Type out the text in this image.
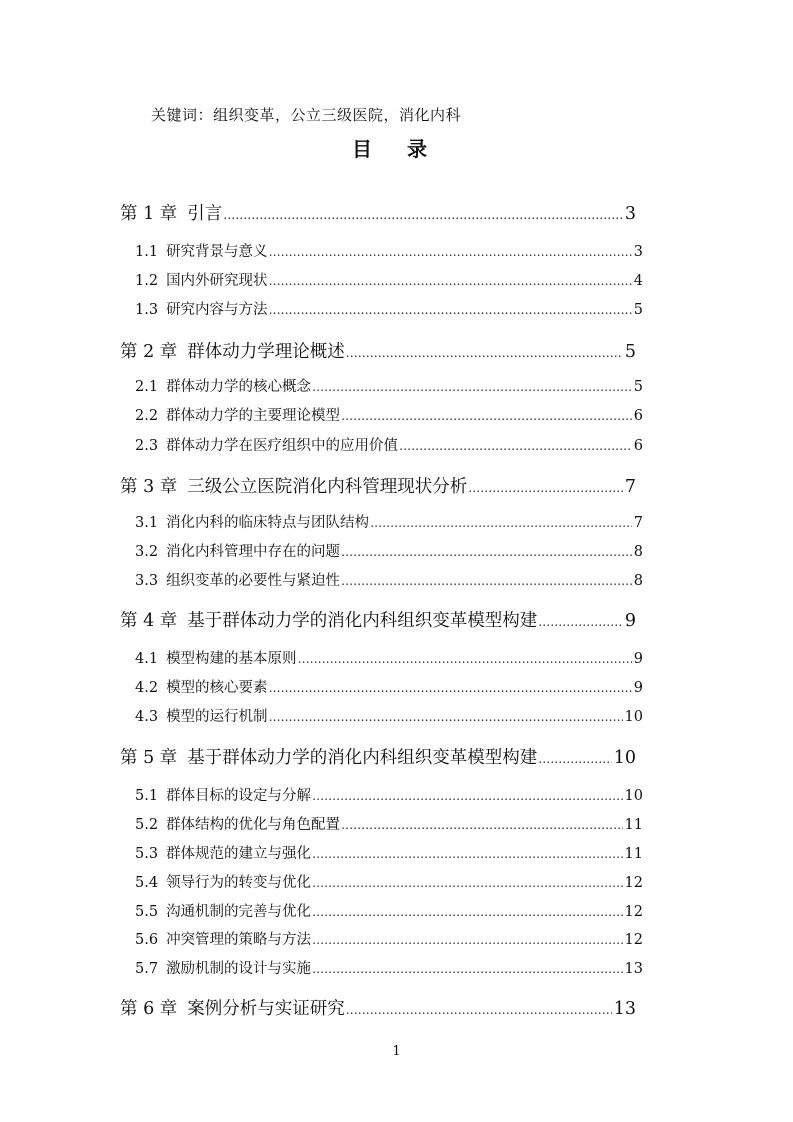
关键词：组织变革，公立三级医院，消化内科
目 录
第 1 章 引言 ……………………………………………………………………………………………………………………………………………………	3
1.1 研究背景与意义 ……………………………………………………………………………………………………………………………………………………	3
1.2 国内外研究现状 ……………………………………………………………………………………………………………………………………………………	4
1.3 研究内容与方法 ……………………………………………………………………………………………………………………………………………………	5
第 2 章 群体动力学理论概述 ……………………………………………………………………………………………………………………………………………………	5
2.1 群体动力学的核心概念 ……………………………………………………………………………………………………………………………………………………	5
2.2 群体动力学的主要理论模型 ……………………………………………………………………………………………………………………………………………………	6
2.3 群体动力学在医疗组织中的应用价值 ……………………………………………………………………………………………………………………………………………………	6
第 3 章 三级公立医院消化内科管理现状分析 ……………………………………………………………………………………………………………………………………………………	7
3.1 消化内科的临床特点与团队结构 ……………………………………………………………………………………………………………………………………………………	7
3.2 消化内科管理中存在的问题 ……………………………………………………………………………………………………………………………………………………	8
3.3 组织变革的必要性与紧迫性 ……………………………………………………………………………………………………………………………………………………	8
第 4 章 基于群体动力学的消化内科组织变革模型构建 ……………………………………………………………………………………………………………………………………………………	9
4.1 模型构建的基本原则 ……………………………………………………………………………………………………………………………………………………	9
4.2 模型的核心要素 ……………………………………………………………………………………………………………………………………………………	9
4.3 模型的运行机制 ……………………………………………………………………………………………………………………………………………………	10
第 5 章 基于群体动力学的消化内科组织变革模型构建 ……………………………………………………………………………………………………………………………………………………	10
5.1 群体目标的设定与分解 ……………………………………………………………………………………………………………………………………………………	10
5.2 群体结构的优化与角色配置 ……………………………………………………………………………………………………………………………………………………	11
5.3 群体规范的建立与强化 ……………………………………………………………………………………………………………………………………………………	11
5.4 领导行为的转变与优化 ……………………………………………………………………………………………………………………………………………………	12
5.5 沟通机制的完善与优化 ……………………………………………………………………………………………………………………………………………………	12
5.6 冲突管理的策略与方法 ……………………………………………………………………………………………………………………………………………………	12
5.7 激励机制的设计与实施 ……………………………………………………………………………………………………………………………………………………	13
第 6 章 案例分析与实证研究 ……………………………………………………………………………………………………………………………………………………	13
1
